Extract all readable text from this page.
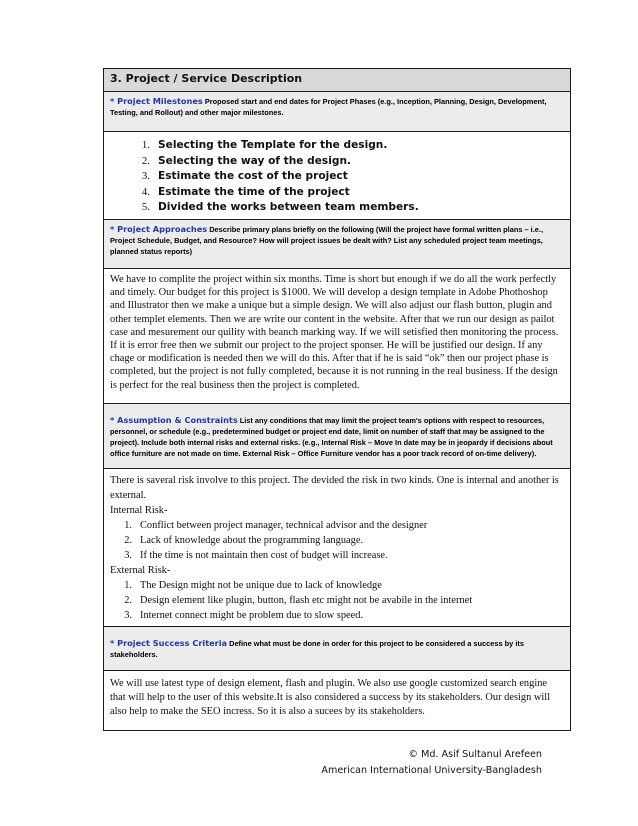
3. Project / Service Description
* Project Milestones Proposed start and end dates for Project Phases (e.g., Inception, Planning, Design, Development, Testing, and Rollout) and other major milestones.
1. Selecting the Template for the design.
2. Selecting the way of the design.
3. Estimate the cost of the project
4. Estimate the time of the project
5. Divided the works between team members.
* Project Approaches Describe primary plans briefly on the following (Will the project have formal written plans – i.e., Project Schedule, Budget, and Resource? How will project issues be dealt with? List any scheduled project team meetings, planned status reports)
We have to complite the project within six months. Time is short but enough if we do all the work perfectly and timely. Our budget for this project is $1000. We will develop a design template in Adobe Phothoshop and Illustrator then we make a unique but a simple design. We will also adjust our flash button, plugin and other templet elements. Then we are write our content in the website. After that we run our design as pailot case and mesurement our quility with beanch marking way. If we will setisfied then monitoring the process. If it is error free then we submit our project to the project sponser. He will be justified our design. If any chage or modification is needed then we will do this. After that if he is said “ok” then our project phase is completed, but the project is not fully completed, because it is not running in the real business. If the design is perfect for the real business then the project is completed.
* Assumption & Constraints List any conditions that may limit the project team's options with respect to resources, personnel, or schedule (e.g., predetermined budget or project end date, limit on number of staff that may be assigned to the project). Include both internal risks and external risks. (e.g., Internal Risk – Move In date may be in jeopardy if decisions about office furniture are not made on time. External Risk – Office Furniture vendor has a poor track record of on-time delivery).
There is saveral risk involve to this project. The devided the risk in two kinds. One is internal and another is external.
Internal Risk-
1. Conflict between project manager, technical advisor and the designer
2. Lack of knowledge about the programming language.
3. If the time is not maintain then cost of budget will increase.
External Risk-
1. The Design might not be unique due to lack of knowledge
2. Design element like plugin, button, flash etc might not be avabile in the internet
3. Internet connect might be problem due to slow speed.
* Project Success Criteria Define what must be done in order for this project to be considered a success by its stakeholders.
We will use latest type of design element, flash and plugin. We also use google customized search engine that will help to the user of this website.It is also considered a success by its stakeholders. Our design will also help to make the SEO incress. So it is also a sucees by its stakeholders.
© Md. Asif Sultanul Arefeen
American International University-Bangladesh
